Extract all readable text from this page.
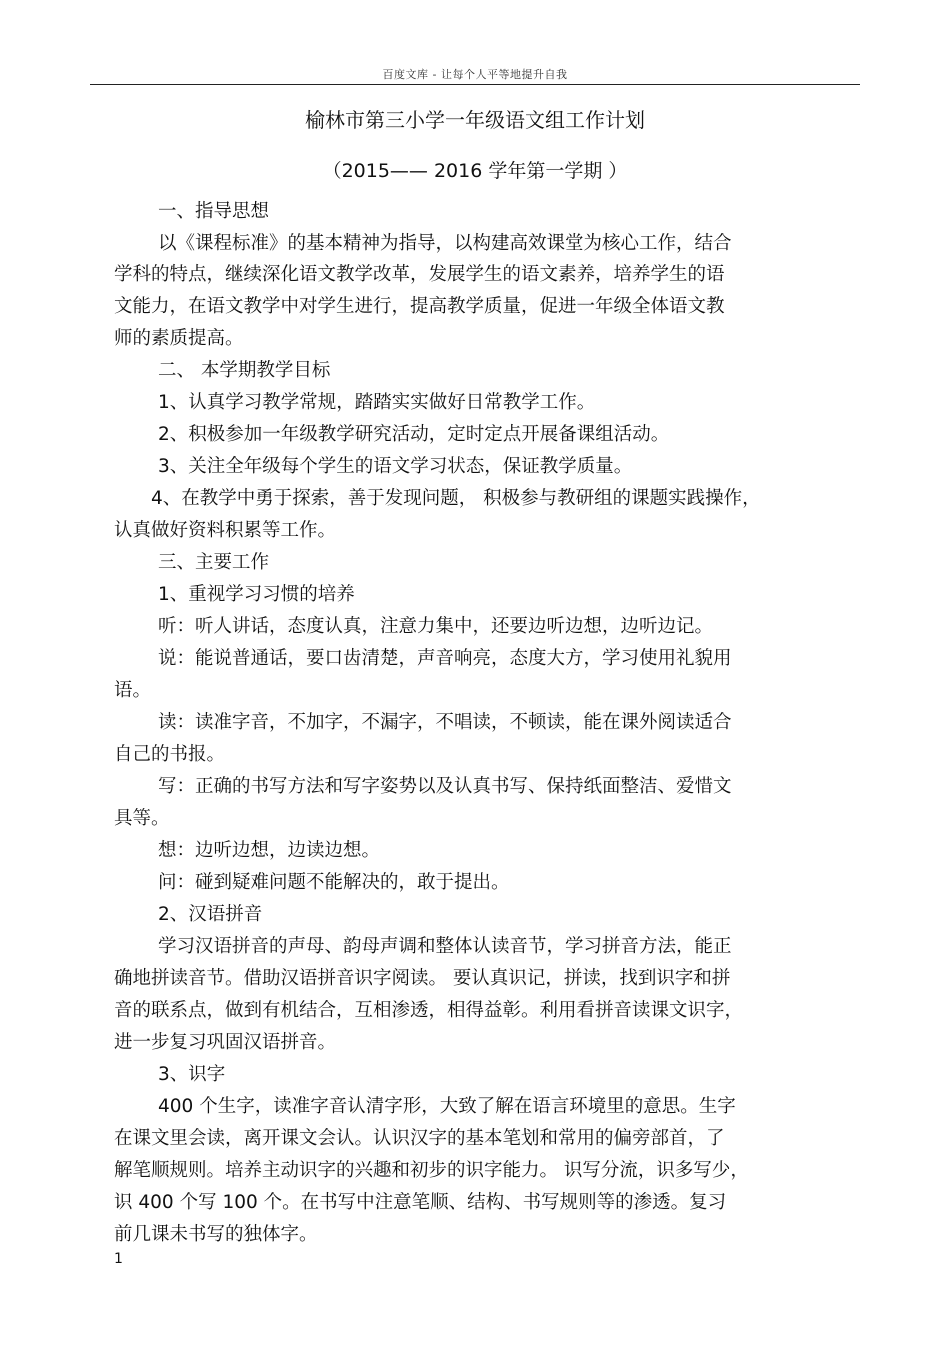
百度文库 - 让每个人平等地提升自我
榆林市第三小学一年级语文组工作计划
（2015—— 2016 学年第一学期 ）
一、指导思想
以《课程标准》的基本精神为指导，以构建高效课堂为核心工作，结合
学科的特点，继续深化语文教学改革，发展学生的语文素养，培养学生的语
文能力，在语文教学中对学生进行，提高教学质量，促进一年级全体语文教
师的素质提高。
二、 本学期教学目标
1、认真学习教学常规，踏踏实实做好日常教学工作。
2、积极参加一年级教学研究活动，定时定点开展备课组活动。
3、关注全年级每个学生的语文学习状态，保证教学质量。
4、在教学中勇于探索，善于发现问题， 积极参与教研组的课题实践操作，
认真做好资料积累等工作。
三、主要工作
1、重视学习习惯的培养
听：听人讲话，态度认真，注意力集中，还要边听边想，边听边记。
说：能说普通话，要口齿清楚，声音响亮，态度大方，学习使用礼貌用
语。
读：读准字音，不加字，不漏字，不唱读，不顿读，能在课外阅读适合
自己的书报。
写：正确的书写方法和写字姿势以及认真书写、保持纸面整洁、爱惜文
具等。
想：边听边想，边读边想。
问：碰到疑难问题不能解决的，敢于提出。
2、汉语拼音
学习汉语拼音的声母、韵母声调和整体认读音节，学习拼音方法，能正
确地拼读音节。借助汉语拼音识字阅读。 要认真识记，拼读，找到识字和拼
音的联系点，做到有机结合，互相渗透，相得益彰。利用看拼音读课文识字，
进一步复习巩固汉语拼音。
3、识字
400 个生字，读准字音认清字形，大致了解在语言环境里的意思。生字
在课文里会读，离开课文会认。认识汉字的基本笔划和常用的偏旁部首，了
解笔顺规则。培养主动识字的兴趣和初步的识字能力。 识写分流，识多写少，
识 400 个写 100 个。在书写中注意笔顺、结构、书写规则等的渗透。复习
前几课未书写的独体字。
1
